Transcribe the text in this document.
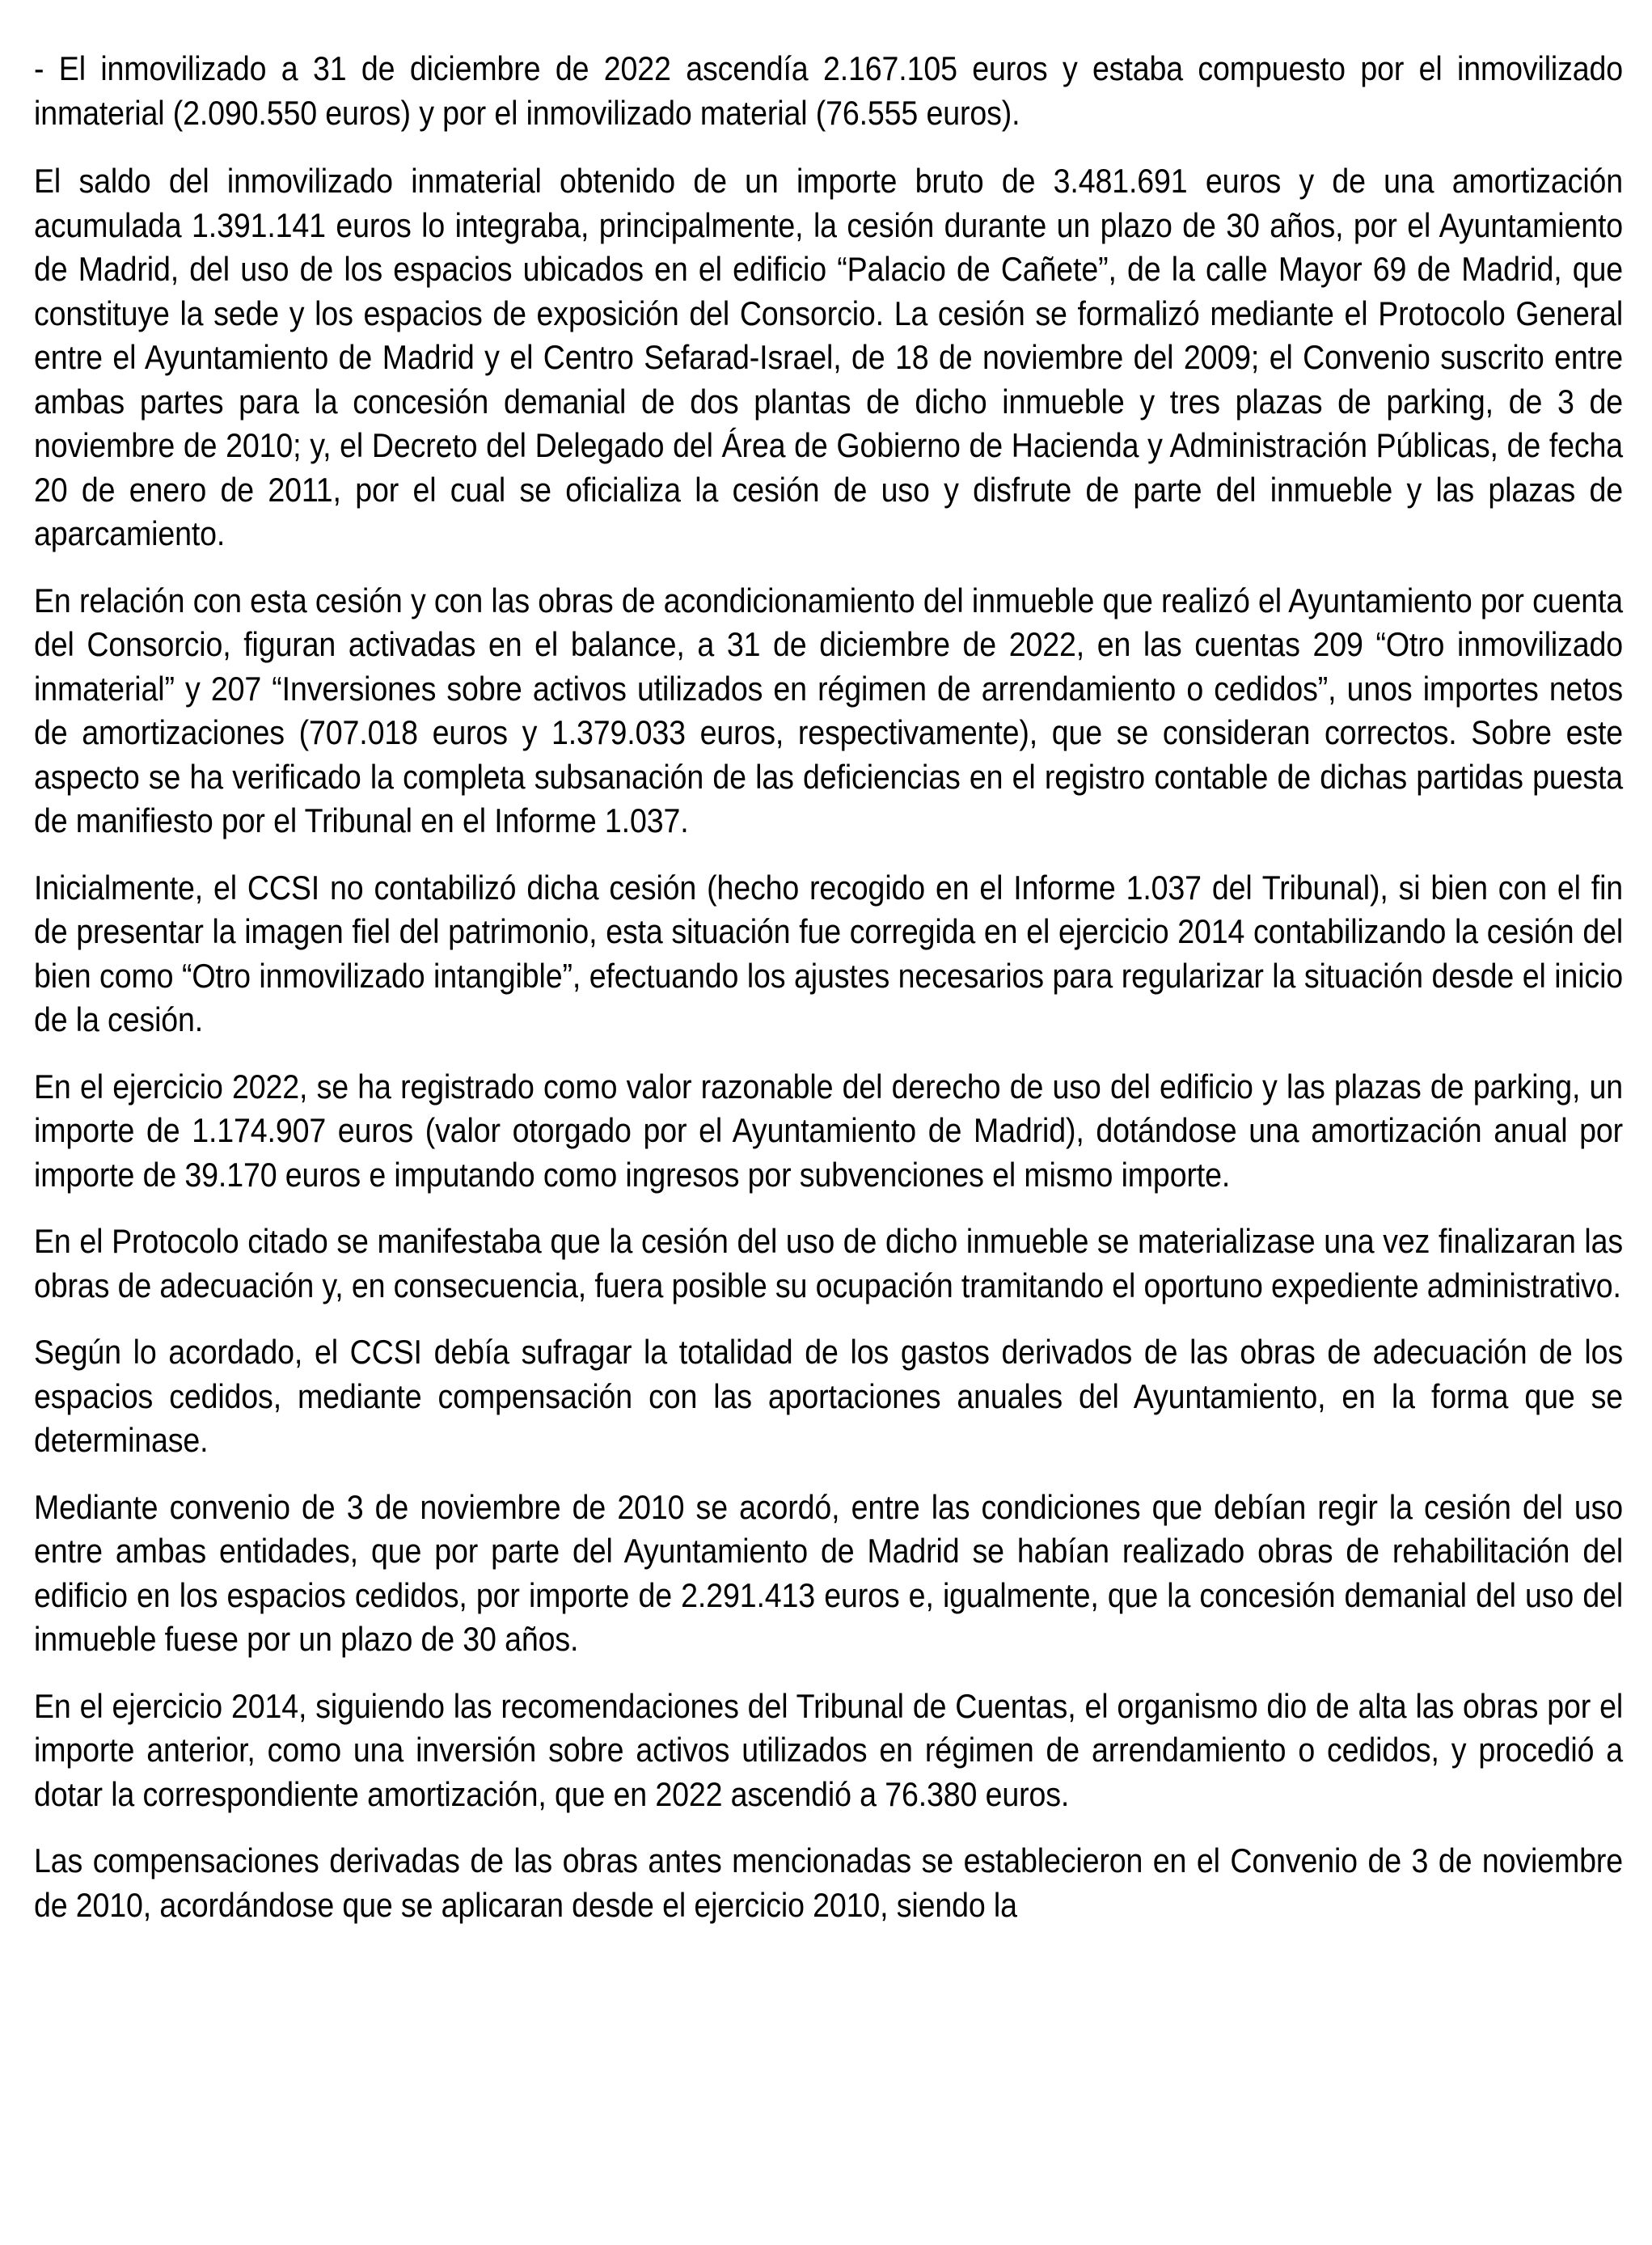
- El inmovilizado a 31 de diciembre de 2022 ascendía 2.167.105 euros y estaba compuesto por el inmovilizado inmaterial (2.090.550 euros) y por el inmovilizado material (76.555 euros).

El saldo del inmovilizado inmaterial obtenido de un importe bruto de 3.481.691 euros y de una amortización acumulada 1.391.141 euros lo integraba, principalmente, la cesión durante un plazo de 30 años, por el Ayuntamiento de Madrid, del uso de los espacios ubicados en el edificio “Palacio de Cañete”, de la calle Mayor 69 de Madrid, que constituye la sede y los espacios de exposición del Consorcio. La cesión se formalizó mediante el Protocolo General entre el Ayuntamiento de Madrid y el Centro Sefarad-Israel, de 18 de noviembre del 2009; el Convenio suscrito entre ambas partes para la concesión demanial de dos plantas de dicho inmueble y tres plazas de parking, de 3 de noviembre de 2010; y, el Decreto del Delegado del Área de Gobierno de Hacienda y Administración Públicas, de fecha 20 de enero de 2011, por el cual se oficializa la cesión de uso y disfrute de parte del inmueble y las plazas de aparcamiento.

En relación con esta cesión y con las obras de acondicionamiento del inmueble que realizó el Ayuntamiento por cuenta del Consorcio, figuran activadas en el balance, a 31 de diciembre de 2022, en las cuentas 209 “Otro inmovilizado inmaterial” y 207 “Inversiones sobre activos utilizados en régimen de arrendamiento o cedidos”, unos importes netos de amortizaciones (707.018 euros y 1.379.033 euros, respectivamente), que se consideran correctos. Sobre este aspecto se ha verificado la completa subsanación de las deficiencias en el registro contable de dichas partidas puesta de manifiesto por el Tribunal en el Informe 1.037.

Inicialmente, el CCSI no contabilizó dicha cesión (hecho recogido en el Informe 1.037 del Tribunal), si bien con el fin de presentar la imagen fiel del patrimonio, esta situación fue corregida en el ejercicio 2014 contabilizando la cesión del bien como “Otro inmovilizado intangible”, efectuando los ajustes necesarios para regularizar la situación desde el inicio de la cesión.

En el ejercicio 2022, se ha registrado como valor razonable del derecho de uso del edificio y las plazas de parking, un importe de 1.174.907 euros (valor otorgado por el Ayuntamiento de Madrid), dotándose una amortización anual por importe de 39.170 euros e imputando como ingresos por subvenciones el mismo importe.

En el Protocolo citado se manifestaba que la cesión del uso de dicho inmueble se materializase una vez finalizaran las obras de adecuación y, en consecuencia, fuera posible su ocupación tramitando el oportuno expediente administrativo.

Según lo acordado, el CCSI debía sufragar la totalidad de los gastos derivados de las obras de adecuación de los espacios cedidos, mediante compensación con las aportaciones anuales del Ayuntamiento, en la forma que se determinase.

Mediante convenio de 3 de noviembre de 2010 se acordó, entre las condiciones que debían regir la cesión del uso entre ambas entidades, que por parte del Ayuntamiento de Madrid se habían realizado obras de rehabilitación del edificio en los espacios cedidos, por importe de 2.291.413 euros e, igualmente, que la concesión demanial del uso del inmueble fuese por un plazo de 30 años.

En el ejercicio 2014, siguiendo las recomendaciones del Tribunal de Cuentas, el organismo dio de alta las obras por el importe anterior, como una inversión sobre activos utilizados en régimen de arrendamiento o cedidos, y procedió a dotar la correspondiente amortización, que en 2022 ascendió a 76.380 euros.

Las compensaciones derivadas de las obras antes mencionadas se establecieron en el Convenio de 3 de noviembre de 2010, acordándose que se aplicaran desde el ejercicio 2010, siendo la
